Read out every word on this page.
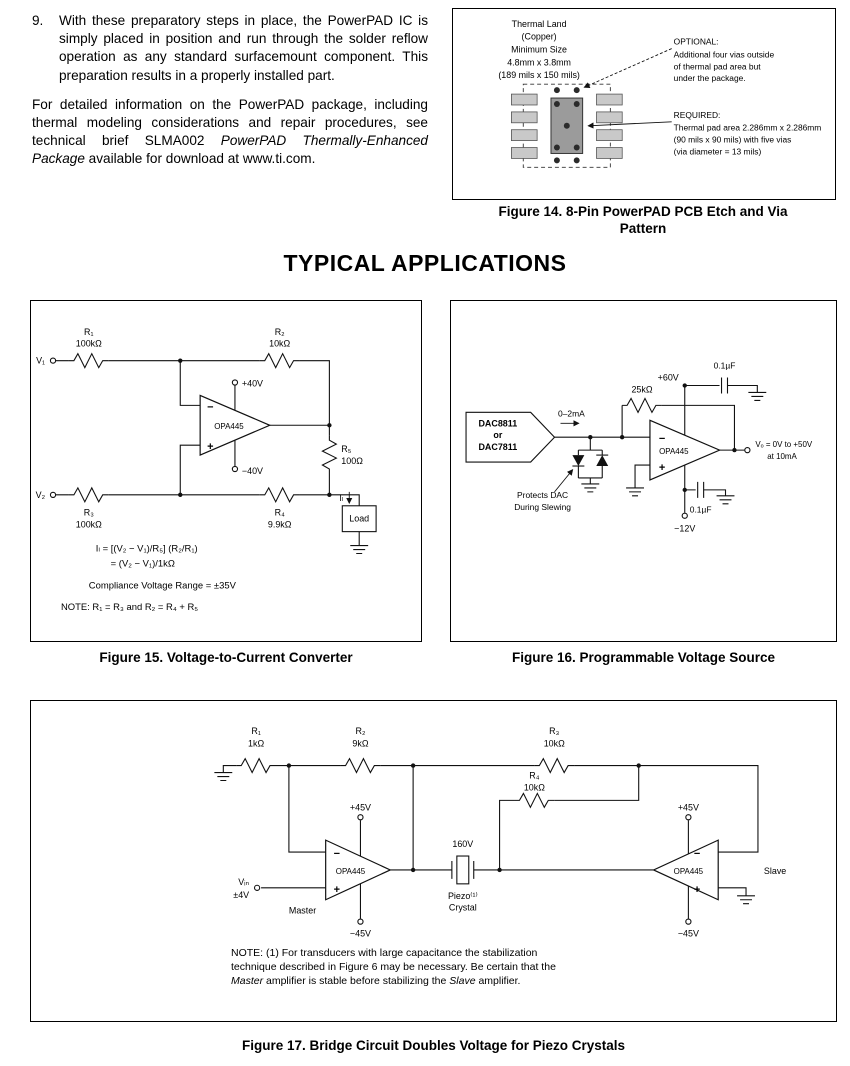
9.	With these preparatory steps in place, the PowerPAD IC is simply placed in position and run through the solder reflow operation as any standard surfacemount component. This preparation results in a properly installed part.

For detailed information on the PowerPAD package, including thermal modeling considerations and repair procedures, see technical brief SLMA002 PowerPAD Thermally-Enhanced Package available for download at www.ti.com.

Thermal Land
(Copper)
Minimum Size
4.8mm x 3.8mm
(189 mils x 150 mils)
OPTIONAL:
Additional four vias outside
of thermal pad area but
under the package.
REQUIRED:
Thermal pad area 2.286mm x 2.286mm
(90 mils x 90 mils) with five vias
(via diameter = 13 mils)
Figure 14. 8-Pin PowerPAD PCB Etch and Via Pattern
TYPICAL APPLICATIONS
V₁
V₂
R₁
100kΩ
R₂
10kΩ
R₃
100kΩ
R₄
9.9kΩ
R₅
100Ω
−
+
OPA445
+40V
−40V
Load
Iₗ
Iₗ = [(V₂ − V₁)/R₅] (R₂/R₁)
= (V₂ − V₁)/1kΩ
Compliance Voltage Range = ±35V
NOTE: R₁ = R₃ and R₂ = R₄ + R₅
Figure 15. Voltage-to-Current Converter
DAC8811
or
DAC7811
0–2mA
25kΩ
+60V
0.1µF
−
+
OPA445
Vₒ = 0V to +50V
at 10mA
Protects DAC
During Slewing	0.1µF
−12V
Figure 16. Programmable Voltage Source
R₁
1kΩ
R₂
9kΩ
R₃
10kΩ
R₄
10kΩ
−
+
OPA445
−
+
OPA445
+45V
−45V
+45V
−45V
Vᵢₙ
±4V
Master
Slave
160V
Piezo⁽¹⁾
Crystal
NOTE: (1) For transducers with large capacitance the stabilization
technique described in Figure 6 may be necessary. Be certain that the
Master amplifier is stable before stabilizing the Slave amplifier.
Figure 17. Bridge Circuit Doubles Voltage for Piezo Crystals
